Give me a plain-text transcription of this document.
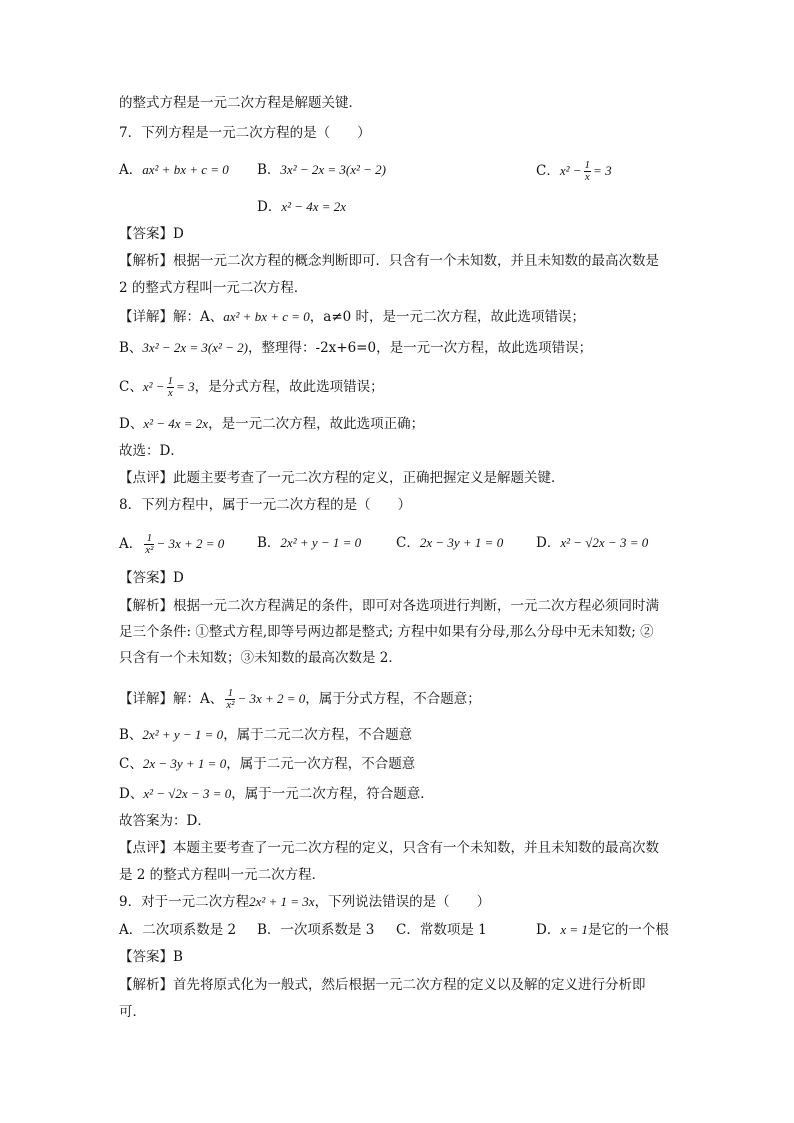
的整式方程是一元二次方程是解题关键．
7．下列方程是一元二次方程的是（　　）
A．ax² + bx + c = 0 B．3x² − 2x = 3(x² − 2)	C．$x^2 - \frac{1}{x} = 3$
D．x² − 4x = 2x
【答案】D
【解析】根据一元二次方程的概念判断即可．只含有一个未知数，并且未知数的最高次数是
2 的整式方程叫一元二次方程．
【详解】解：A、ax² + bx + c = 0，a≠0 时，是一元二次方程，故此选项错误；
B、3x² − 2x = 3(x² − 2)，整理得：-2x+6=0，是一元一次方程，故此选项错误；
C、$x^2 - \frac{1}{x} = 3$，是分式方程，故此选项错误；
D、x² − 4x = 2x，是一元二次方程，故此选项正确；
故选：D．
【点评】此题主要考查了一元二次方程的定义，正确把握定义是解题关键．
8．下列方程中，属于一元二次方程的是（　　）
A． $\frac{1}{\text{x²}} - 3x + 2 = 0$ B．2x² + y − 1 = 0	C．2x − 3y + 1 = 0 D．x² − √2x − 3 = 0
【答案】D
【解析】根据一元二次方程满足的条件，即可对各选项进行判断，一元二次方程必须同时满
足三个条件: ①整式方程,即等号两边都是整式; 方程中如果有分母,那么分母中无未知数; ②
只含有一个未知数；③未知数的最高次数是 2．
【详解】解：A、 $\frac{1}{\text{x²}} - 3x + 2 = 0$，属于分式方程，不合题意；
B、2x² + y − 1 = 0，属于二元二次方程，不合题意
C、2x − 3y + 1 = 0，属于二元一次方程，不合题意
D、x² − √2x − 3 = 0，属于一元二次方程，符合题意．
故答案为：D．
【点评】本题主要考查了一元二次方程的定义，只含有一个未知数，并且未知数的最高次数
是 2 的整式方程叫一元二次方程．
9．对于一元二次方程2x² + 1 = 3x，下列说法错误的是（　　）
A．二次项系数是 2 B．一次项系数是 3 C．常数项是 1	D．x = 1是它的一个根
【答案】B
【解析】首先将原式化为一般式，然后根据一元二次方程的定义以及解的定义进行分析即
可．
